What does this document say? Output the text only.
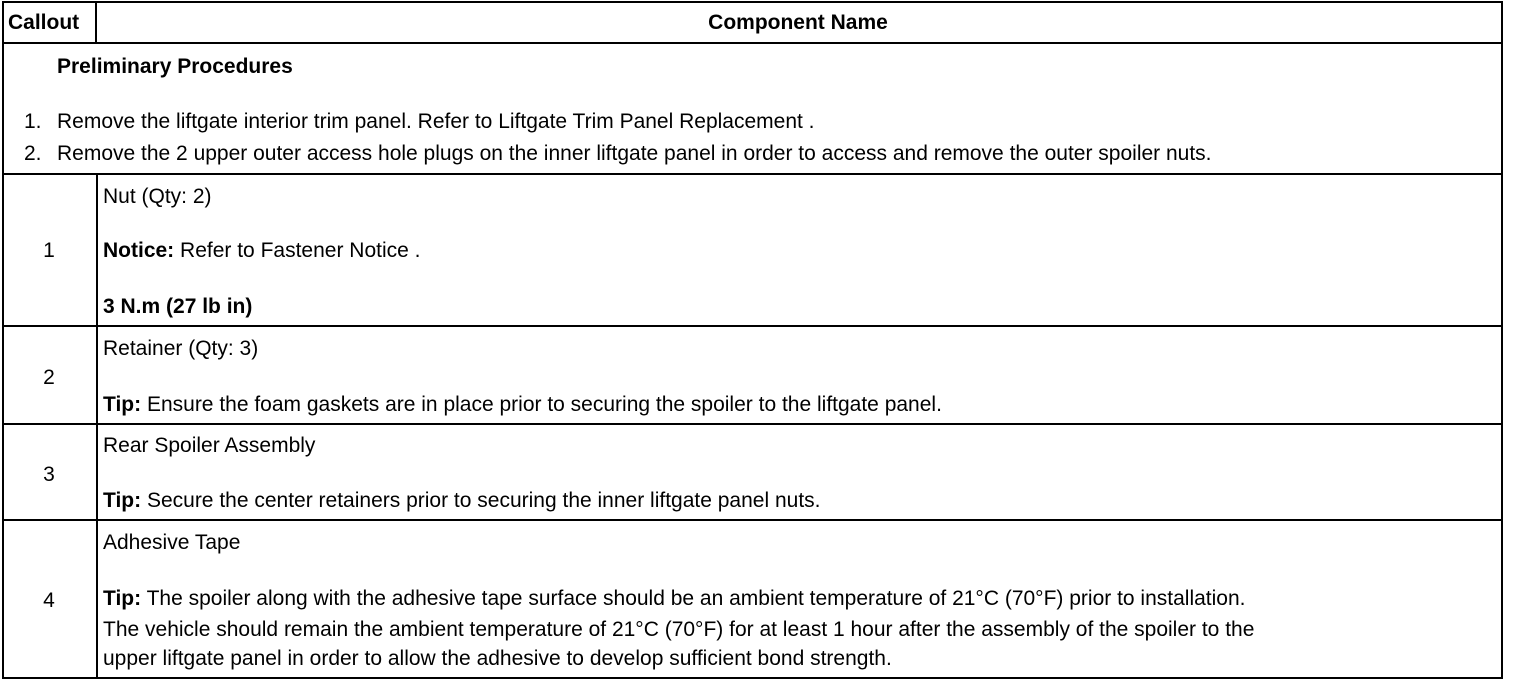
Callout	Component Name
Preliminary Procedures
1. Remove the liftgate interior trim panel. Refer to Liftgate Trim Panel Replacement .
2. Remove the 2 upper outer access hole plugs on the inner liftgate panel in order to access and remove the outer spoiler nuts.
1
Nut (Qty: 2)
Notice: Refer to Fastener Notice .
3 N.m (27 lb in)
2
Retainer (Qty: 3)
Tip: Ensure the foam gaskets are in place prior to securing the spoiler to the liftgate panel.
3
Rear Spoiler Assembly
Tip: Secure the center retainers prior to securing the inner liftgate panel nuts.
4
Adhesive Tape
Tip: The spoiler along with the adhesive tape surface should be an ambient temperature of 21°C (70°F) prior to installation.
The vehicle should remain the ambient temperature of 21°C (70°F) for at least 1 hour after the assembly of the spoiler to the
upper liftgate panel in order to allow the adhesive to develop sufficient bond strength.
